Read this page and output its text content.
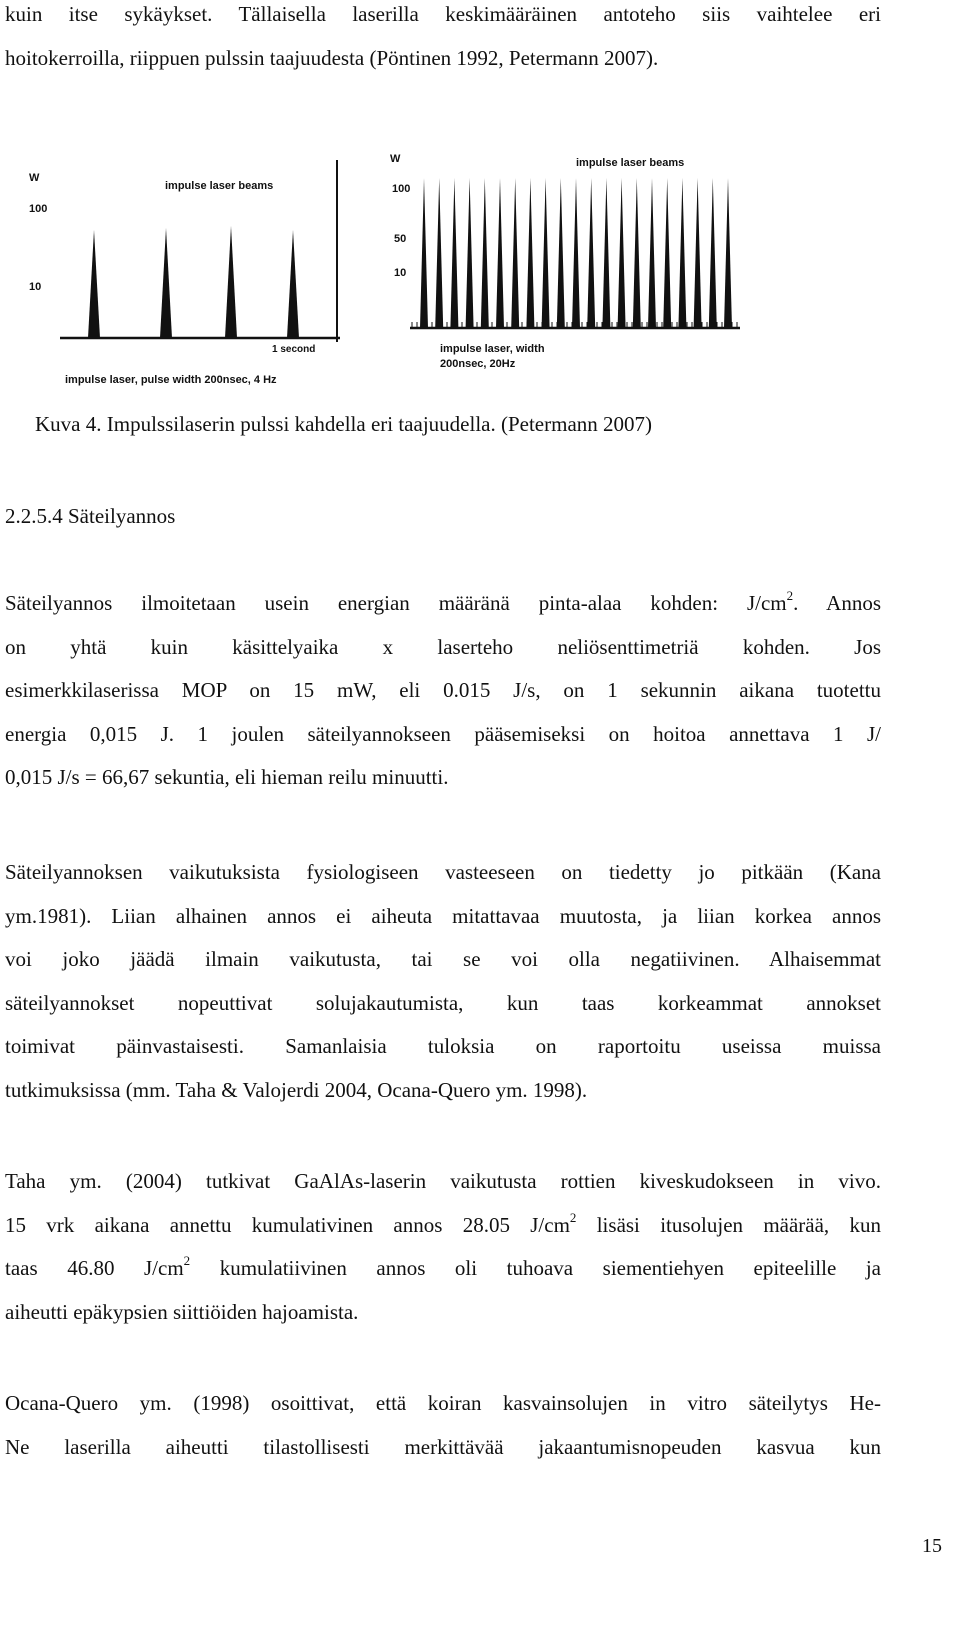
kuin itse sykäykset. Tällaisella laserilla keskimääräinen antoteho siis vaihtelee eri
hoitokerroilla, riippuen pulssin taajuudesta (Pöntinen 1992, Petermann 2007).
W
100
10
impulse laser beams
1 second
impulse laser, pulse width 200nsec, 4 Hz
W
100
50
10
impulse laser beams
impulse laser, width
200nsec, 20Hz
Kuva 4. Impulssilaserin pulssi kahdella eri taajuudella. (Petermann 2007)
2.2.5.4 Säteilyannos
Säteilyannos ilmoitetaan usein energian määränä pinta-alaa kohden: $J/cm^2$. Annos
on yhtä kuin käsittelyaika x laserteho neliösenttimetriä kohden. Jos
esimerkkilaserissa MOP on 15 mW, eli 0.015 J/s, on 1 sekunnin aikana tuotettu
energia 0,015 J. 1 joulen säteilyannokseen pääsemiseksi on hoitoa annettava 1 J/
0,015 J/s = 66,67 sekuntia, eli hieman reilu minuutti.
Säteilyannoksen vaikutuksista fysiologiseen vasteeseen on tiedetty jo pitkään (Kana
ym.1981). Liian alhainen annos ei aiheuta mitattavaa muutosta, ja liian korkea annos
voi joko jäädä ilmain vaikutusta, tai se voi olla negatiivinen. Alhaisemmat
säteilyannokset nopeuttivat solujakautumista, kun taas korkeammat annokset
toimivat päinvastaisesti. Samanlaisia tuloksia on raportoitu useissa muissa
tutkimuksissa (mm. Taha & Valojerdi 2004, Ocana-Quero ym. 1998).
Taha ym. (2004) tutkivat GaAlAs-laserin vaikutusta rottien kiveskudokseen in vivo.
15 vrk aikana annettu kumulativinen annos 28.05 $J/cm^2$ lisäsi itusolujen määrää, kun
taas 46.80 $J/cm^2$ kumulatiivinen annos oli tuhoava siementiehyen epiteelille ja
aiheutti epäkypsien siittiöiden hajoamista.
Ocana-Quero ym. (1998) osoittivat, että koiran kasvainsolujen in vitro säteilytys He-
Ne laserilla aiheutti tilastollisesti merkittävää jakaantumisnopeuden kasvua kun
15
